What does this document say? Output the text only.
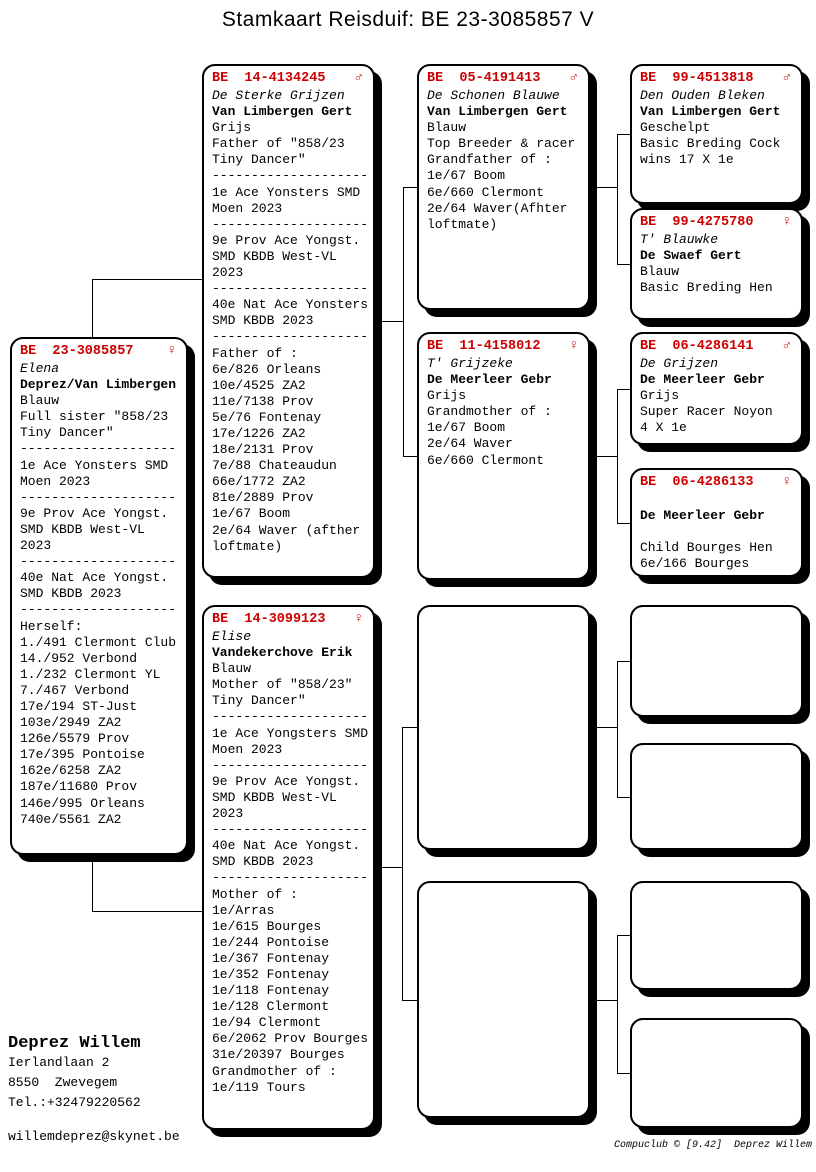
Stamkaart Reisduif: BE 23-3085857 V
BE  23-3085857 ♀
Elena
Deprez/Van Limbergen
Blauw
Full sister "858/23
Tiny Dancer"
--------------------
1e Ace Yonsters SMD
Moen 2023
--------------------
9e Prov Ace Yongst.
SMD KBDB West-VL
2023
--------------------
40e Nat Ace Yongst.
SMD KBDB 2023
--------------------
Herself:
1./491 Clermont Club
14./952 Verbond
1./232 Clermont YL
7./467 Verbond
17e/194 ST-Just
103e/2949 ZA2
126e/5579 Prov
17e/395 Pontoise
162e/6258 ZA2
187e/11680 Prov
146e/995 Orleans
740e/5561 ZA2
BE  14-4134245 ♂
De Sterke Grijzen
Van Limbergen Gert
Grijs
Father of "858/23
Tiny Dancer"
--------------------
1e Ace Yonsters SMD
Moen 2023
--------------------
9e Prov Ace Yongst.
SMD KBDB West-VL
2023
--------------------
40e Nat Ace Yonsters
SMD KBDB 2023
--------------------
Father of :
6e/826 Orleans
10e/4525 ZA2
11e/7138 Prov
5e/76 Fontenay
17e/1226 ZA2
18e/2131 Prov
7e/88 Chateaudun
66e/1772 ZA2
81e/2889 Prov
1e/67 Boom
2e/64 Waver (afther
loftmate)
BE  14-3099123 ♀
Elise
Vandekerchove Erik
Blauw
Mother of "858/23"
Tiny Dancer"
--------------------
1e Ace Yongsters SMD
Moen 2023
--------------------
9e Prov Ace Yongst.
SMD KBDB West-VL
2023
--------------------
40e Nat Ace Yongst.
SMD KBDB 2023
--------------------
Mother of :
1e/Arras
1e/615 Bourges
1e/244 Pontoise
1e/367 Fontenay
1e/352 Fontenay
1e/118 Fontenay
1e/128 Clermont
1e/94 Clermont
6e/2062 Prov Bourges
31e/20397 Bourges
Grandmother of :
1e/119 Tours
BE  05-4191413 ♂
De Schonen Blauwe
Van Limbergen Gert
Blauw
Top Breeder & racer
Grandfather of :
1e/67 Boom
6e/660 Clermont
2e/64 Waver(Afhter
loftmate)
BE  11-4158012 ♀
T' Grijzeke
De Meerleer Gebr
Grijs
Grandmother of :
1e/67 Boom
2e/64 Waver
6e/660 Clermont
BE  99-4513818 ♂
Den Ouden Bleken
Van Limbergen Gert
Geschelpt
Basic Breding Cock
wins 17 X 1e
BE  99-4275780 ♀
T' Blauwke
De Swaef Gert
Blauw
Basic Breding Hen
BE  06-4286141 ♂
De Grijzen
De Meerleer Gebr
Grijs
Super Racer Noyon
4 X 1e
BE  06-4286133 ♀

De Meerleer Gebr

Child Bourges Hen
6e/166 Bourges
Deprez Willem
Ierlandlaan 2
8550  Zwevegem
Tel.:+32479220562
willemdeprez@skynet.be
Compuclub © [9.42]  Deprez Willem
